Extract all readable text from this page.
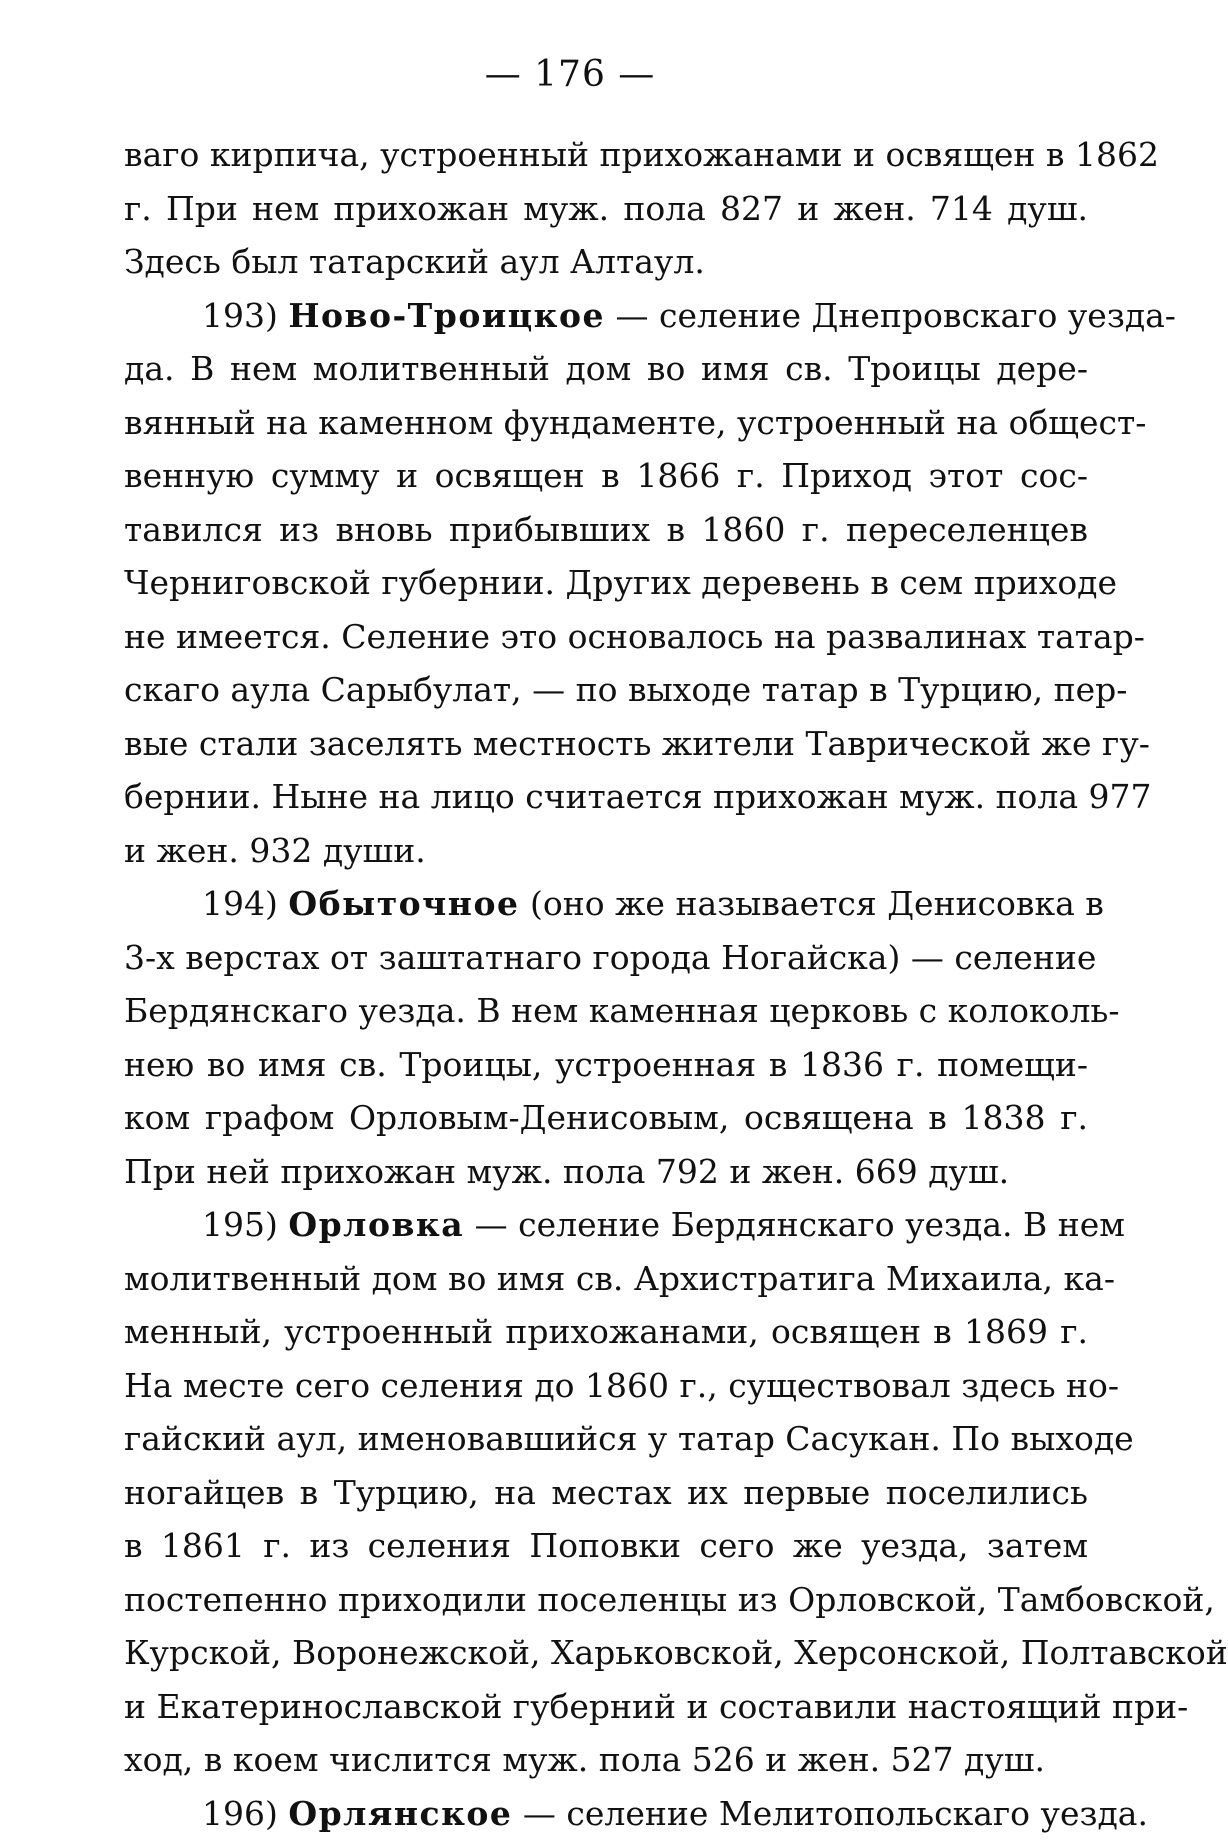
— 176 —
ваго кирпича, устроенный прихожанами и освящен в 1862
г. При нем прихожан муж. пола 827 и жен. 714 душ.
Здесь был татарский аул Алтаул.
193) Ново-Троицкое — селение Днепровскаго уезда-
да. В нем молитвенный дом во имя св. Троицы дере-
вянный на каменном фундаменте, устроенный на общест-
венную сумму и освящен в 1866 г. Приход этот сос-
тавился из вновь прибывших в 1860 г. переселенцев
Черниговской губернии. Других деревень в сем приходе
не имеется. Селение это основалось на развалинах татар-
скаго аула Сарыбулат, — по выходе татар в Турцию, пер-
вые стали заселять местность жители Таврической же гу-
бернии. Ныне на лицо считается прихожан муж. пола 977
и жен. 932 души.
194) Обыточное (оно же называется Денисовка в
3-х верстах от заштатнаго города Ногайска) — селение
Бердянскаго уезда. В нем каменная церковь с колоколь-
нею во имя св. Троицы, устроенная в 1836 г. помещи-
ком графом Орловым-Денисовым, освящена в 1838 г.
При ней прихожан муж. пола 792 и жен. 669 душ.
195) Орловка — селение Бердянскаго уезда. В нем
молитвенный дом во имя св. Архистратига Михаила, ка-
менный, устроенный прихожанами, освящен в 1869 г.
На месте сего селения до 1860 г., существовал здесь но-
гайский аул, именовавшийся у татар Сасукан. По выходе
ногайцев в Турцию, на местах их первые поселились
в 1861 г. из селения Поповки сего же уезда, затем
постепенно приходили поселенцы из Орловской, Тамбовской,
Курской, Воронежской, Харьковской, Херсонской, Полтавской
и Екатеринославской губерний и составили настоящий при-
ход, в коем числится муж. пола 526 и жен. 527 душ.
196) Орлянское — селение Мелитопольскаго уезда.
